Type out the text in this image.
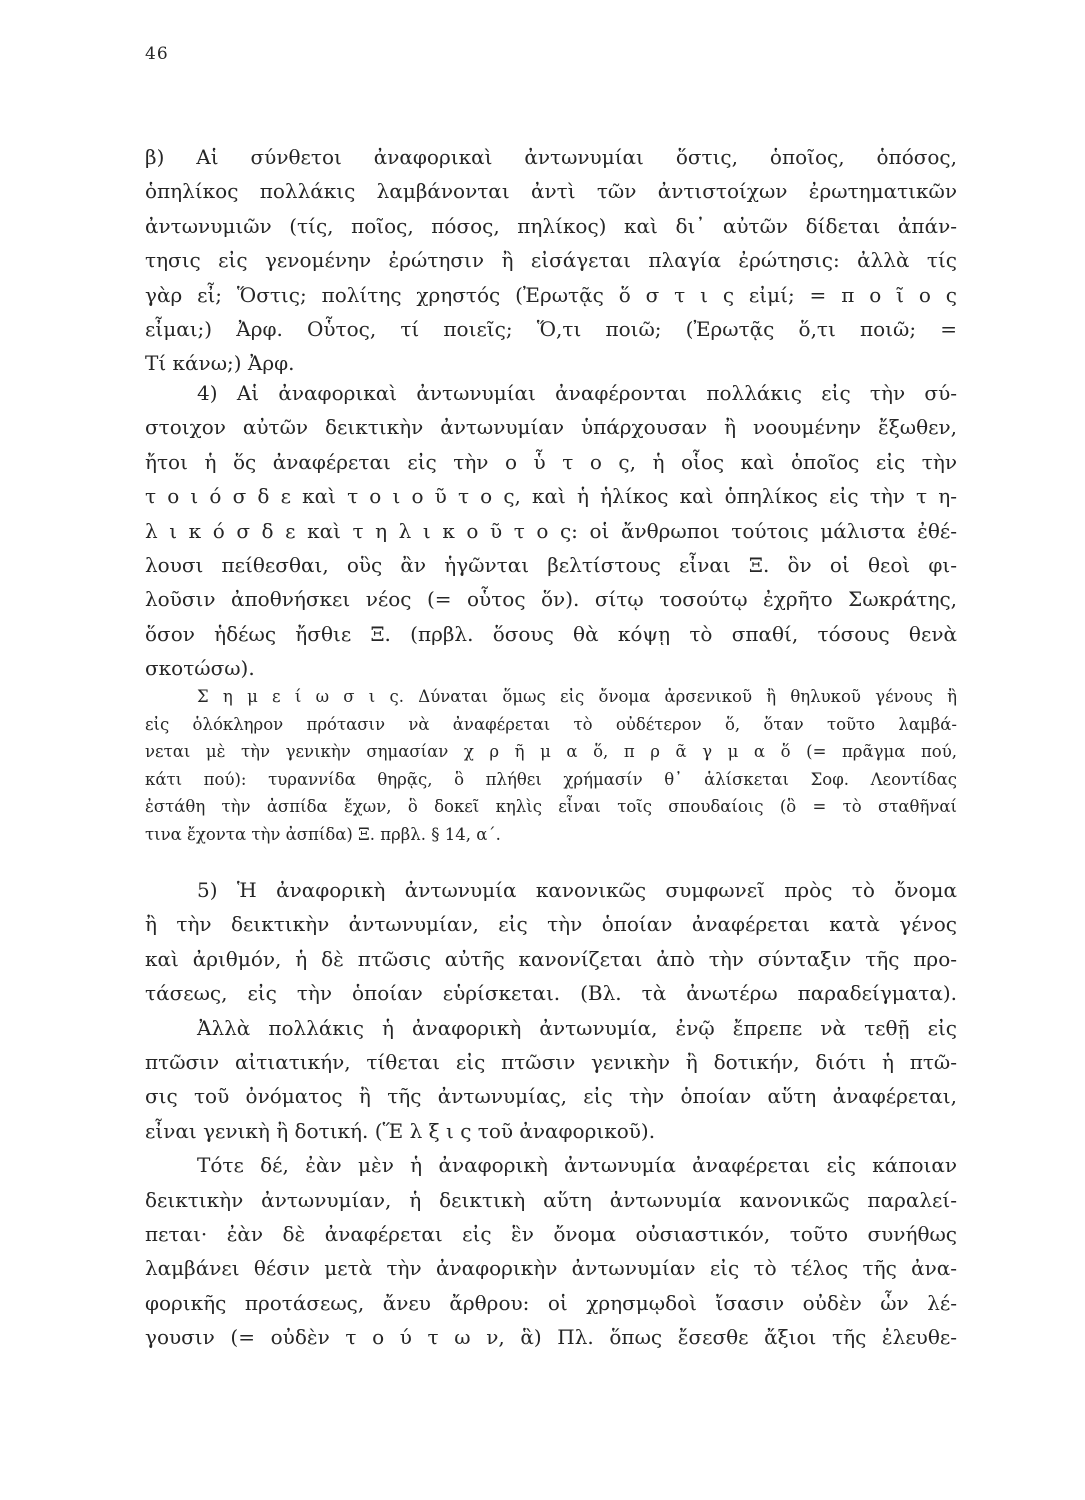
46
β) Αἱ σύνθετοι ἀναφορικαὶ ἀντωνυμίαι ὅστις, ὁποῖος, ὁπόσος,
ὁπηλίκος πολλάκις λαμβάνονται ἀντὶ τῶν ἀντιστοίχων ἐρωτηματικῶν
ἀντωνυμιῶν (τίς, ποῖος, πόσος, πηλίκος) καὶ δι᾿ αὐτῶν δίδεται ἀπάν-
τησις εἰς γενομένην ἐρώτησιν ἢ εἰσάγεται πλαγία ἐρώτησις: ἀλλὰ τίς
γὰρ εἶ; Ὅστις; πολίτης χρηστός (Ἐρωτᾷς ὅ σ τ ι ς εἰμί; = π ο ῖ ο ς
εἶμαι;) Ἀρφ. Οὗτος, τί ποιεῖς; Ὅ,τι ποιῶ; (Ἐρωτᾷς ὅ,τι ποιῶ; =
Τί κάνω;) Ἀρφ.
4) Αἱ ἀναφορικαὶ ἀντωνυμίαι ἀναφέρονται πολλάκις εἰς τὴν σύ-
στοιχον αὐτῶν δεικτικὴν ἀντωνυμίαν ὑπάρχουσαν ἢ νοουμένην ἔξωθεν,
ἤτοι ἡ ὅς ἀναφέρεται εἰς τὴν ο ὗ τ ο ς, ἡ οἷος καὶ ὁποῖος εἰς τὴν
τ ο ι ό σ δ ε καὶ τ ο ι ο ῦ τ ο ς, καὶ ἡ ἡλίκος καὶ ὁπηλίκος εἰς τὴν τ η-
λ ι κ ό σ δ ε καὶ τ η λ ι κ ο ῦ τ ο ς: οἱ ἄνθρωποι τούτοις μάλιστα ἐθέ-
λουσι πείθεσθαι, οὓς ἂν ἡγῶνται βελτίστους εἶναι Ξ. ὃν οἱ θεοὶ φι-
λοῦσιν ἀποθνήσκει νέος (= οὗτος ὅν). σίτῳ τοσούτῳ ἐχρῆτο Σωκράτης,
ὅσον ἡδέως ἤσθιε Ξ. (πρβλ. ὅσους θὰ κόψῃ τὸ σπαθί, τόσους θενὰ
σκοτώσω).
Σ η μ ε ί ω σ ι ς. Δύναται ὅμως εἰς ὄνομα ἀρσενικοῦ ἢ θηλυκοῦ γένους ἢ
εἰς ὁλόκληρον πρότασιν νὰ ἀναφέρεται τὸ οὐδέτερον ὅ, ὅταν τοῦτο λαμβά-
νεται μὲ τὴν γενικὴν σημασίαν χ ρ ῆ μ α ὅ, π ρ ᾶ γ μ α ὅ (= πρᾶγμα πού,
κάτι πού): τυραννίδα θηρᾷς, ὃ πλήθει χρήμασίν θ᾿ ἁλίσκεται Σοφ. Λεοντίδας
ἐστάθη τὴν ἀσπίδα ἔχων, ὃ δοκεῖ κηλὶς εἶναι τοῖς σπουδαίοις (ὃ = τὸ σταθῆναί
τινα ἔχοντα τὴν ἀσπίδα) Ξ. πρβλ. § 14, α΄.
5) Ἡ ἀναφορικὴ ἀντωνυμία κανονικῶς συμφωνεῖ πρὸς τὸ ὄνομα
ἢ τὴν δεικτικὴν ἀντωνυμίαν, εἰς τὴν ὁποίαν ἀναφέρεται κατὰ γένος
καὶ ἀριθμόν, ἡ δὲ πτῶσις αὐτῆς κανονίζεται ἀπὸ τὴν σύνταξιν τῆς προ-
τάσεως, εἰς τὴν ὁποίαν εὑρίσκεται. (Βλ. τὰ ἀνωτέρω παραδείγματα).
Ἀλλὰ πολλάκις ἡ ἀναφορικὴ ἀντωνυμία, ἐνῷ ἔπρεπε νὰ τεθῇ εἰς
πτῶσιν αἰτιατικήν, τίθεται εἰς πτῶσιν γενικὴν ἢ δοτικήν, διότι ἡ πτῶ-
σις τοῦ ὀνόματος ἢ τῆς ἀντωνυμίας, εἰς τὴν ὁποίαν αὕτη ἀναφέρεται,
εἶναι γενικὴ ἢ δοτική. (Ἕ λ ξ ι ς τοῦ ἀναφορικοῦ).
Τότε δέ, ἐὰν μὲν ἡ ἀναφορικὴ ἀντωνυμία ἀναφέρεται εἰς κάποιαν
δεικτικὴν ἀντωνυμίαν, ἡ δεικτικὴ αὕτη ἀντωνυμία κανονικῶς παραλεί-
πεται· ἐὰν δὲ ἀναφέρεται εἰς ἓν ὄνομα οὐσιαστικόν, τοῦτο συνήθως
λαμβάνει θέσιν μετὰ τὴν ἀναφορικὴν ἀντωνυμίαν εἰς τὸ τέλος τῆς ἀνα-
φορικῆς προτάσεως, ἄνευ ἄρθρου: οἱ χρησμῳδοὶ ἴσασιν οὐδὲν ὧν λέ-
γουσιν (= οὐδὲν τ ο ύ τ ω ν, ἃ) Πλ. ὅπως ἔσεσθε ἄξιοι τῆς ἐλευθε-
